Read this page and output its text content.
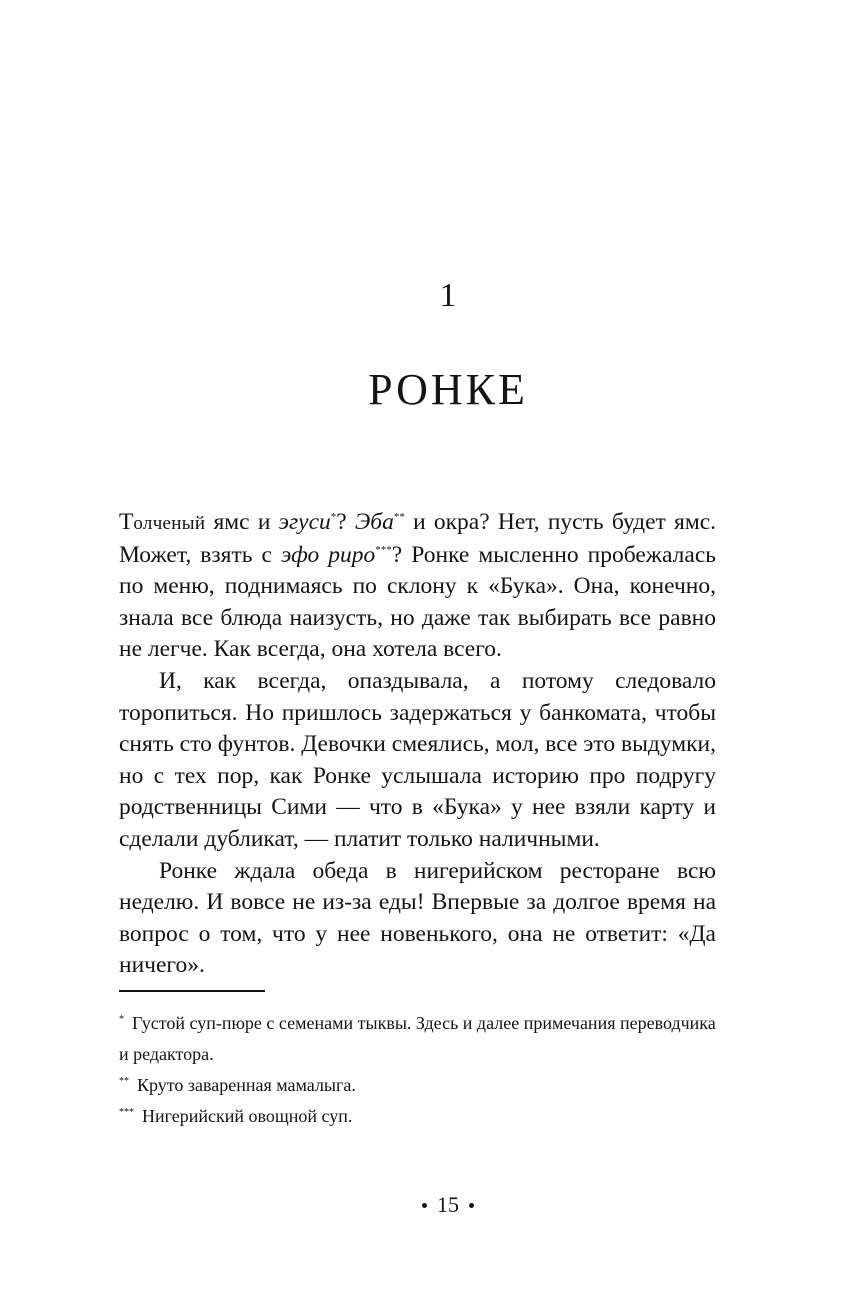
1
РОНКЕ

Толченый ямс и эгуси*? Эба** и окра? Нет, пусть будет ямс. Может, взять с эфо риро***? Ронке мысленно пробежалась по меню, поднимаясь по склону к «Бука». Она, конечно, знала все блюда наизусть, но даже так выбирать все равно не легче. Как всегда, она хотела всего.

И, как всегда, опаздывала, а потому следовало торопиться. Но пришлось задержаться у банкомата, чтобы снять сто фунтов. Девочки смеялись, мол, все это выдумки, но с тех пор, как Ронке услышала историю про подругу родственницы Сими — что в «Бука» у нее взяли карту и сделали дубликат, — платит только наличными.

Ронке ждала обеда в нигерийском ресторане всю неделю. И вовсе не из-за еды! Впервые за долгое время на вопрос о том, что у нее новенького, она не ответит: «Да ничего».

* Густой суп-пюре с семенами тыквы. Здесь и далее примечания переводчика и редактора.

** Круто заваренная мамалыга.

*** Нигерийский овощной суп.

15
